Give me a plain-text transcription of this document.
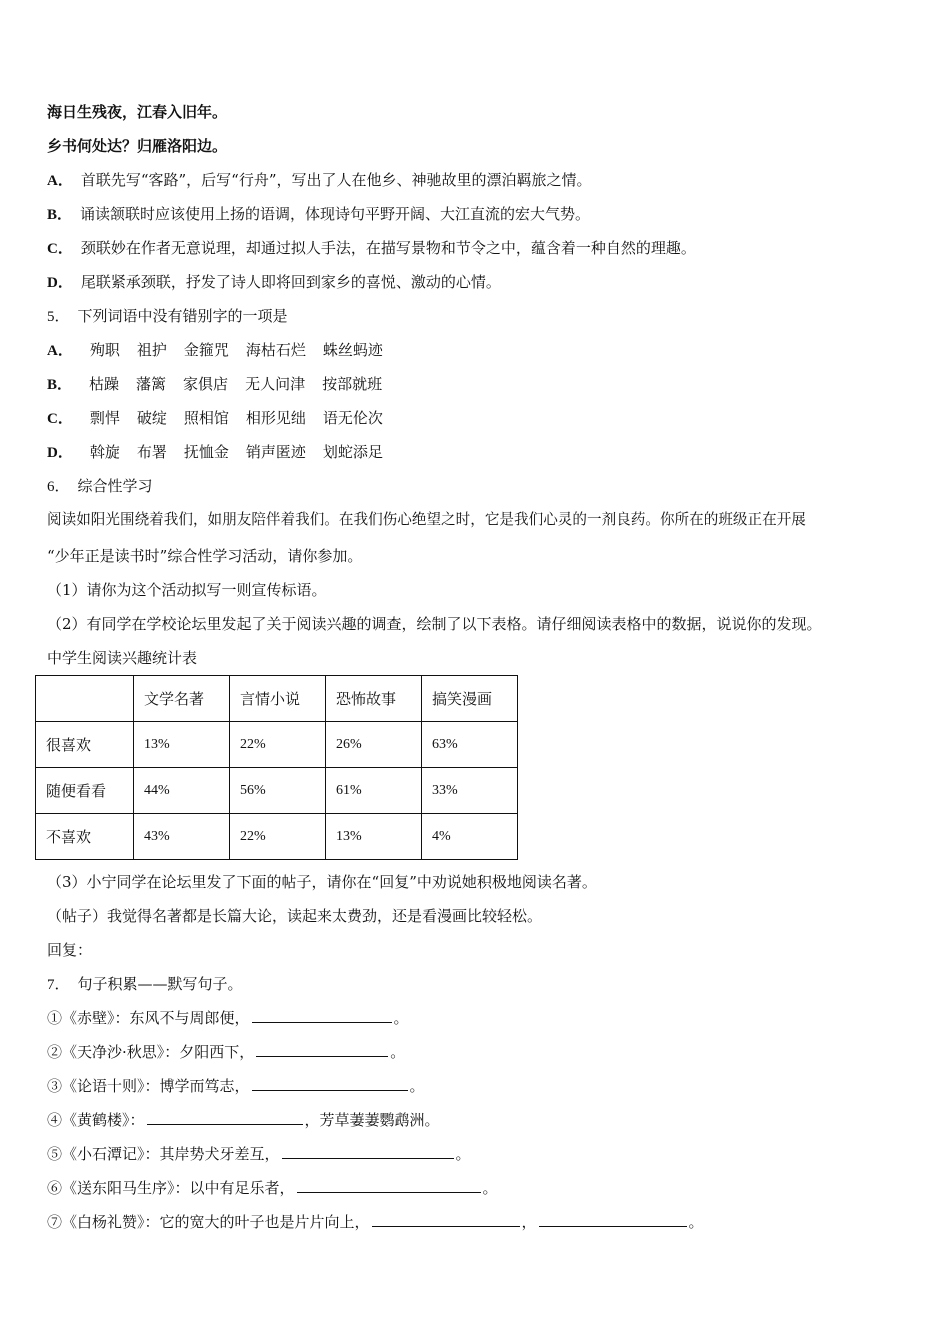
海日生残夜，江春入旧年。
乡书何处达？归雁洛阳边。
A． 首联先写“客路”，后写“行舟”，写出了人在他乡、神驰故里的漂泊羁旅之情。
B． 诵读颔联时应该使用上扬的语调，体现诗句平野开阔、大江直流的宏大气势。
C． 颈联妙在作者无意说理，却通过拟人手法，在描写景物和节令之中，蕴含着一种自然的理趣。
D． 尾联紧承颈联，抒发了诗人即将回到家乡的喜悦、激动的心情。
5． 下列词语中没有错别字的一项是
A． 殉职 祖护 金箍咒 海枯石烂 蛛丝蚂迹
B． 枯躁 藩篱 家俱店 无人问津 按部就班
C． 剽悍 破绽 照相馆 相形见绌 语无伦次
D． 斡旋 布署 抚恤金 销声匿迹 划蛇添足
6． 综合性学习
阅读如阳光围绕着我们，如朋友陪伴着我们。在我们伤心绝望之时，它是我们心灵的一剂良药。你所在的班级正在开展
“少年正是读书时”综合性学习活动，请你参加。
（1）请你为这个活动拟写一则宣传标语。
（2）有同学在学校论坛里发起了关于阅读兴趣的调查，绘制了以下表格。请仔细阅读表格中的数据，说说你的发现。
中学生阅读兴趣统计表
	文学名著	言情小说	恐怖故事	搞笑漫画
很喜欢	13%	22%	26%	63%
随便看看	44%	56%	61%	33%
不喜欢	43%	22%	13%	4%
（3）小宁同学在论坛里发了下面的帖子，请你在“回复”中劝说她积极地阅读名著。
（帖子）我觉得名著都是长篇大论，读起来太费劲，还是看漫画比较轻松。
回复：
7． 句子积累——默写句子。
①《赤壁》：东风不与周郎便，	。
②《天净沙·秋思》：夕阳西下，	。
③《论语十则》：博学而笃志，	。
④《黄鹤楼》：	，芳草萋萋鹦鹉洲。
⑤《小石潭记》：其岸势犬牙差互，	。
⑥《送东阳马生序》：以中有足乐者，	。
⑦《白杨礼赞》：它的宽大的叶子也是片片向上，	，	。
